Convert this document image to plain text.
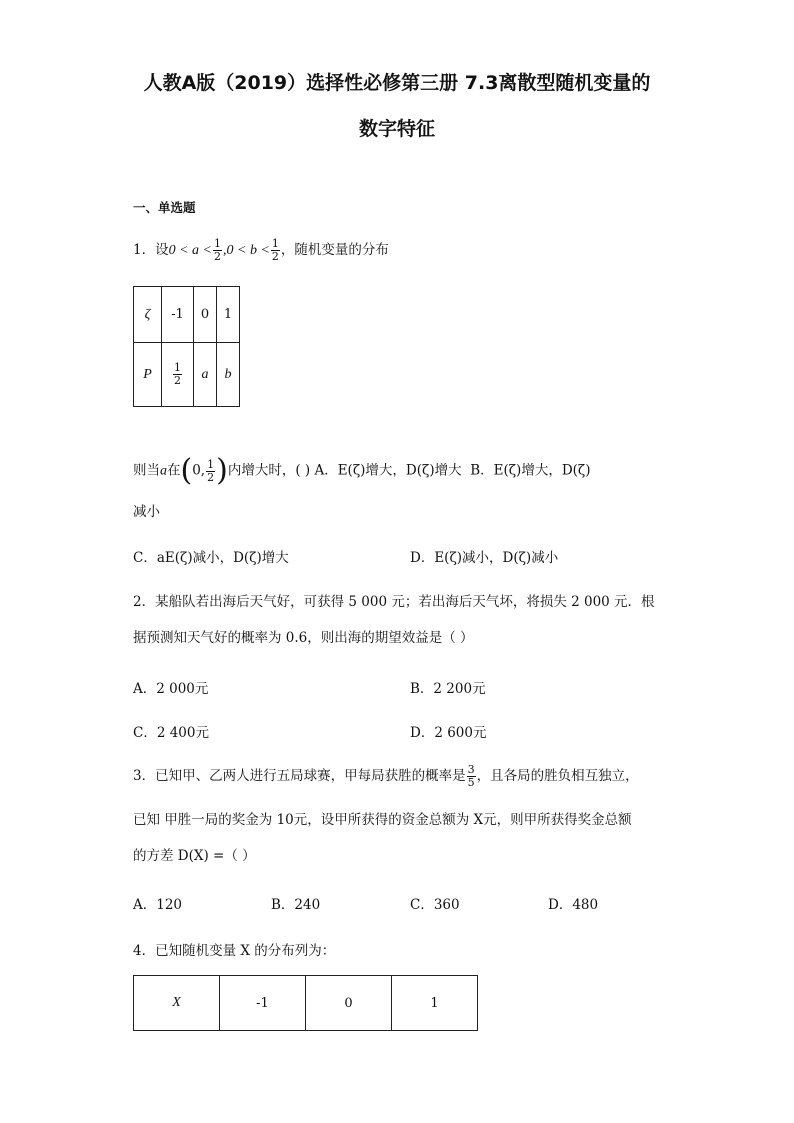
人教A版（2019）选择性必修第三册 7.3离散型随机变量的
数字特征
一、单选题
1．设$0 < a < \frac{1}{2} ,0 < b < \frac{1}{2}$ ，随机变量的分布
ζ	-1	0	1
P	$\frac{1}{2}$	a	b
则当a在(0, $\frac{1}{2}$ )内增大时，( ) A．E(ζ)增大，D(ζ)增大 B．E(ζ)增大，D(ζ)
减小
C．aE(ζ)减小，D(ζ)增大	D．E(ζ)减小，D(ζ)减小
2．某船队若出海后天气好，可获得 5 000 元；若出海后天气坏，将损失 2 000 元．根
据预测知天气好的概率为 0.6，则出海的期望效益是（ ）
A．2 000元	B．2 200元
C．2 400元	D．2 600元
3．已知甲、乙两人进行五局球赛，甲每局获胜的概率是 $\frac{3}{5}$ ，且各局的胜负相互独立，
已知 甲胜一局的奖金为 10元，设甲所获得的资金总额为 X元，则甲所获得奖金总额
的方差 D(X) =（ ）
A．120	B．240	C．360	D．480
4．已知随机变量 X 的分布列为：
X	-1	0	1
